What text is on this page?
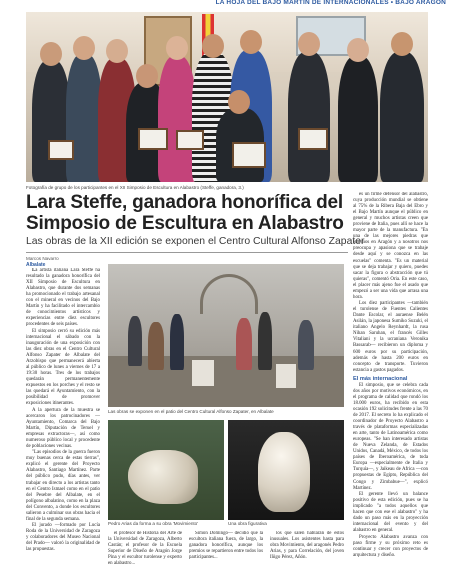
LA HOJA DEL BAJO MARTÍN DE INTERNACIONALES • BAJO ARAGÓN
Fotografía de grupo de los participantes en el XII Simposio de Escultura en Alabastro (Steffe, ganadora, 3.)
Lara Steffe, ganadora honorífica del Simposio de Escultura en Alabastro
Las obras de la XII edición se exponen el Centro Cultural Alfonso Zapater
Marcos Navarro
Albalate

La artista italiana Lara Steffe ha resultado la ganadora honorífica del XII Simposio de Escultura en Alabastro, que durante dos semanas ha promocionado el trabajo artesanal con el mineral en vecinos del Bajo Martín y ha facilitado el intercambio de conocimientos artísticos y experiencias entre diez escultores procedentes de seis países.

El simposio cerró su edición más internacional el sábado con la inauguración de una exposición con las diez obras en el Centro Cultural Alfonso Zapater de Albalate del Arzobispo que permanecerá abierta al público de lunes a viernes de 17 a 19:30 horas. Tres de los trabajos quedarán permanentemente expuestos en los porches y el resto se las quedará el Ayuntamiento, con la posibilidad de promover exposiciones itinerantes.

A la apertura de la muestra se acercaron los patrocinadores —Ayuntamiento, Comarca del Bajo Martín, Diputación de Teruel y empresas extractoras—, así como numeroso público local y procedente de poblaciones vecinas.

"Las episodios de la guerra fueron muy buenas cerca de estas tierras", explicó el gerente del Proyecto Alabastro, Santiago Martínez. Parte del público pudo, días antes, ver trabajar en directo a los artistas tanto en el Centro Ismael como en el patio del Pesebre del Albalate, en el polígono albalatino, como en la plaza del Convento, a donde los escultores salieron a culminar sus obras hacia el final de la segunda semana.

El jurado —formado por Lucía Roda de la Universidad de Zaragoza y colaboradores del Museo Nacional del Prado— valoró la originalidad de las propuestas.

Las obras se exponen en el patio del Centro Cultural Alfonso Zapater, en Albalate
Pedro Arias da forma a su obra 'Movimiento'	Una obra figurativa

el profesor de Historia del Arte de la Universidad de Zaragoza, Alberto Castán; el profesor de la Escuela Superior de Diseño de Aragón Jorge Pina y el escultor turolense y experto en alabastro...

Simón Domingo— decidió que la escultora italiana fuera, de largo, la ganadora honorífica, aunque los premios se repartieron entre todos los participantes...

los que salen hablarán de estos inusuales. Los asistentes hasta para obra Movimiento, del aragonés Pedro Arias, y para Correlación, del joven Iñigo Pérez, Añón.

es un firme defensor del alabastro, cuya producción mundial se obtiene al 75% de la Ribera Baja del Ebro y el Bajo Martín aunque el público en general y muchos artistas creen que proviene de Italia, pues allí se hace la mayor parte de la manufactura. "En una de las mejores piedras que tenemos en Aragón y a nosotros nos preocupa y apasiona que se trabaje desde aquí y se conozca en las escuelas" comenta. "Es un material que se deja trabajar y quiero, puedes sacar la figura o abstracción que tú quieras", comentó Oria. En este caso, el placer más ajeno fue el asado que empezó a ser una vida que arrasa una hora.

Los diez participantes —también el turolense de Fuentes Calientes Dante Escolar, el auraense Belén Asilán, la japonesa Sumiko Suzuki, el italiano Angelo Reynhardt, la rusa Nihan Saruhan, el francés Gilles Vitaliani y la ucraniana Veronika Bassarab— recibieron un diploma y 600 euros por su participación, además de hasta 200 euros en concepto de transporte. Tuvieron estancia a gastos pagados.

El más internacional

El simposio, que se celebra cada dos años por motivos económicos, en el programa de calidad que rondó los 18.000 euros, ha recibido en esta ocasión 192 solicitudes frente a las 70 de 2017. El secreto lo ha explicado el coordinador de Proyecto Alabastro a través de plataformas especializadas en arte, tanto de Latinoamérica como europeas. "Se han interesado artistas de Nueva Zelanda, de Estados Unidos, Canadá, México, de todos los países de Iberoamérica, de toda Europa —especialmente de Italia y Turquía—, y Jaikeau de Africa —con propuestas de Egipto, República del Congo y Zimbabue—", explicó Martínez.

El gerente llevó un balance positivo de esta edición, pues se ha implicado "a todos aquellos que hacen que con ese el alabastro" y ha dado un paso más en la proyección internacional del evento y del alabastro en general.

Proyecto Alabastro avanza con paso firme y su próximo reto es continuar y crecer con proyectos de arquitectura y diseño.
